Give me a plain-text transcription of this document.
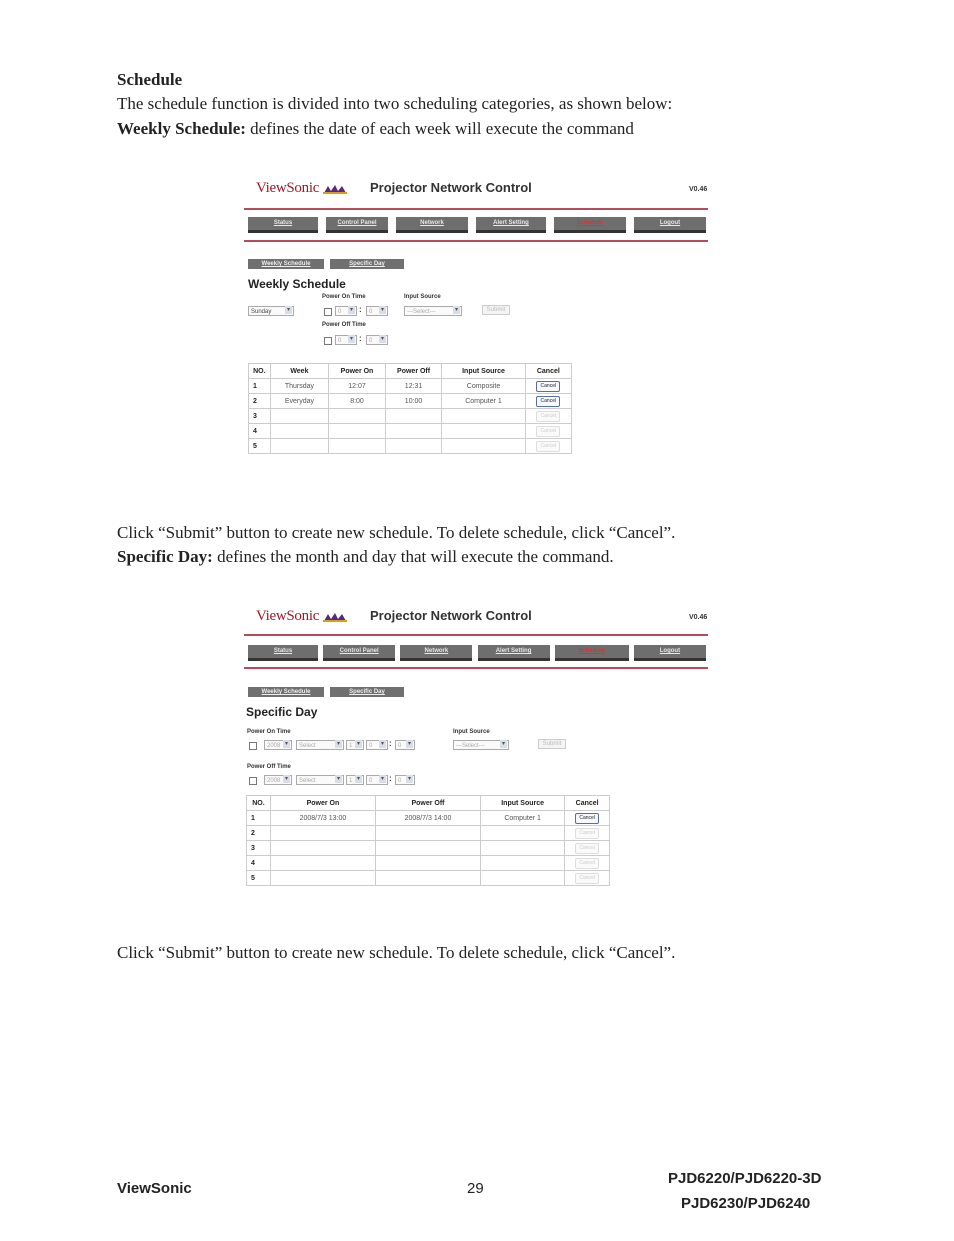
Schedule
The schedule function is divided into two scheduling categories, as shown below:
Weekly Schedule: defines the date of each week will execute the command
ViewSonic	Projector Network Control	V0.46
Status	Control Panel	Network	Alert Setting	Schedule	Logout
Weekly Schedule	Specific Day
Weekly Schedule
Power On Time	Input Source
Sunday ▾	0 ▾	:	0 ▾	---Select--- ▾	Submit
Power Off Time
0 ▾	:	0 ▾
NO.	Week	Power On	Power Off	Input Source	Cancel
1	Thursday	12:07	12:31	Composite	Cancel
2	Everyday	8:00	10:00	Computer 1	Cancel
3					Cancel
4					Cancel
5					Cancel
Click “Submit” button to create new schedule. To delete schedule, click “Cancel”.
Specific Day: defines the month and day that will execute the command.
ViewSonic	Projector Network Control	V0.46
Status	Control Panel	Network	Alert Setting	Schedule	Logout
Weekly Schedule	Specific Day
Specific Day
Power On Time	Input Source
2008 ▾	Select ▾	1 ▾	0 ▾	:	0 ▾	---Select--- ▾	Submit
Power Off Time
2008 ▾	Select ▾	1 ▾	0 ▾	:	0 ▾
NO.	Power On	Power Off	Input Source	Cancel
1	2008/7/3 13:00	2008/7/3 14:00	Computer 1	Cancel
2				Cancel
3				Cancel
4				Cancel
5				Cancel
Click “Submit” button to create new schedule. To delete schedule, click “Cancel”.
ViewSonic	29
PJD6220/PJD6220-3D
PJD6230/PJD6240
